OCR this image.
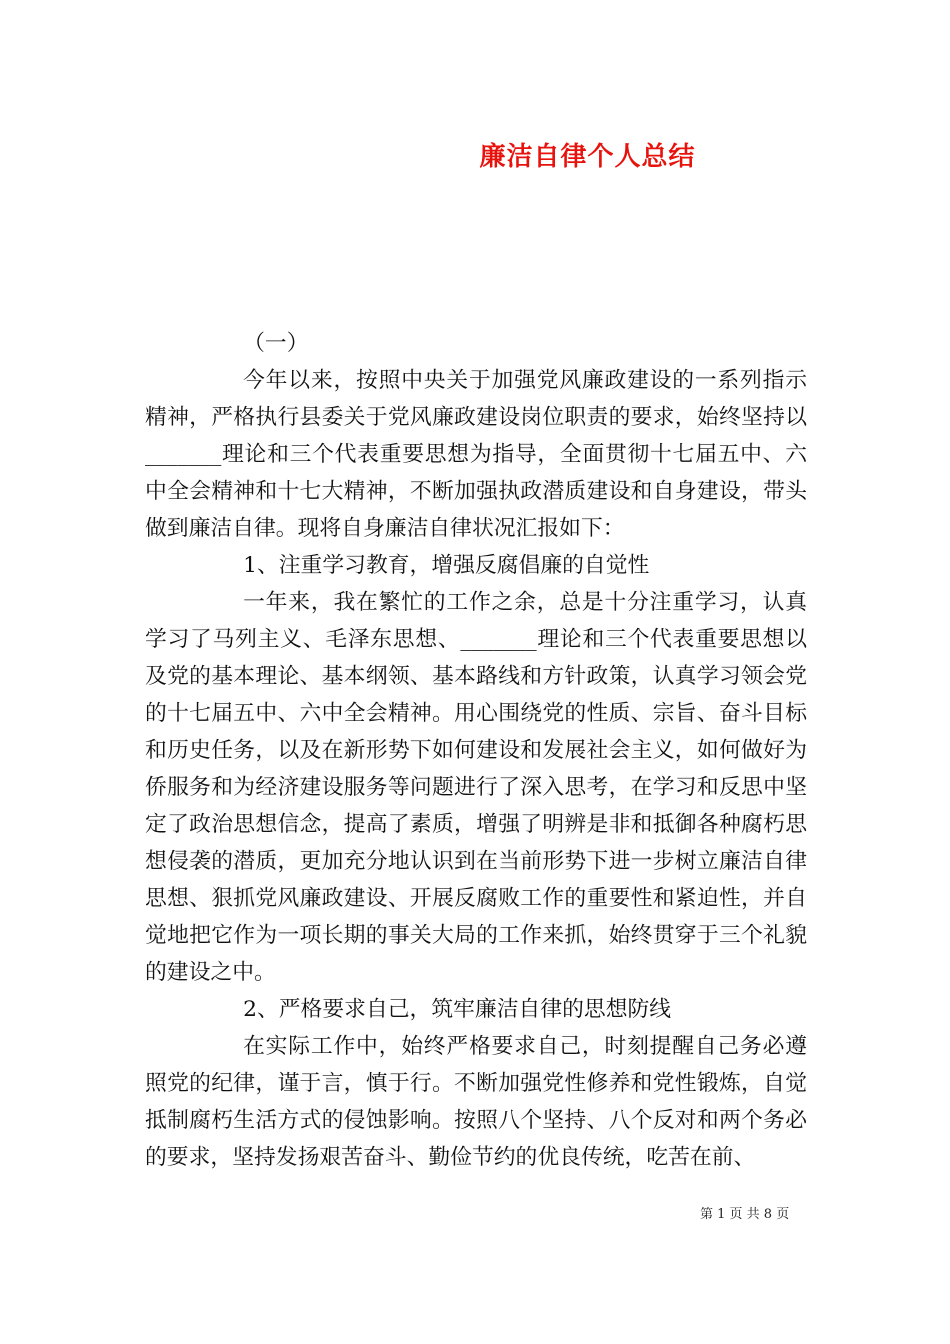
廉洁自律个人总结

（一）

今年以来，按照中央关于加强党风廉政建设的一系列指示精神，严格执行县委关于党风廉政建设岗位职责的要求，始终坚持以_______理论和三个代表重要思想为指导，全面贯彻十七届五中、六中全会精神和十七大精神，不断加强执政潜质建设和自身建设，带头做到廉洁自律。现将自身廉洁自律状况汇报如下：

1、注重学习教育，增强反腐倡廉的自觉性

一年来，我在繁忙的工作之余，总是十分注重学习，认真学习了马列主义、毛泽东思想、_______理论和三个代表重要思想以及党的基本理论、基本纲领、基本路线和方针政策，认真学习领会党的十七届五中、六中全会精神。用心围绕党的性质、宗旨、奋斗目标和历史任务，以及在新形势下如何建设和发展社会主义，如何做好为侨服务和为经济建设服务等问题进行了深入思考，在学习和反思中坚定了政治思想信念，提高了素质，增强了明辨是非和抵御各种腐朽思想侵袭的潜质，更加充分地认识到在当前形势下进一步树立廉洁自律思想、狠抓党风廉政建设、开展反腐败工作的重要性和紧迫性，并自觉地把它作为一项长期的事关大局的工作来抓，始终贯穿于三个礼貌的建设之中。

2、严格要求自己，筑牢廉洁自律的思想防线

在实际工作中，始终严格要求自己，时刻提醒自己务必遵照党的纪律，谨于言，慎于行。不断加强党性修养和党性锻炼，自觉抵制腐朽生活方式的侵蚀影响。按照八个坚持、八个反对和两个务必的要求，坚持发扬艰苦奋斗、勤俭节约的优良传统，吃苦在前、

第 1 页 共 8 页
